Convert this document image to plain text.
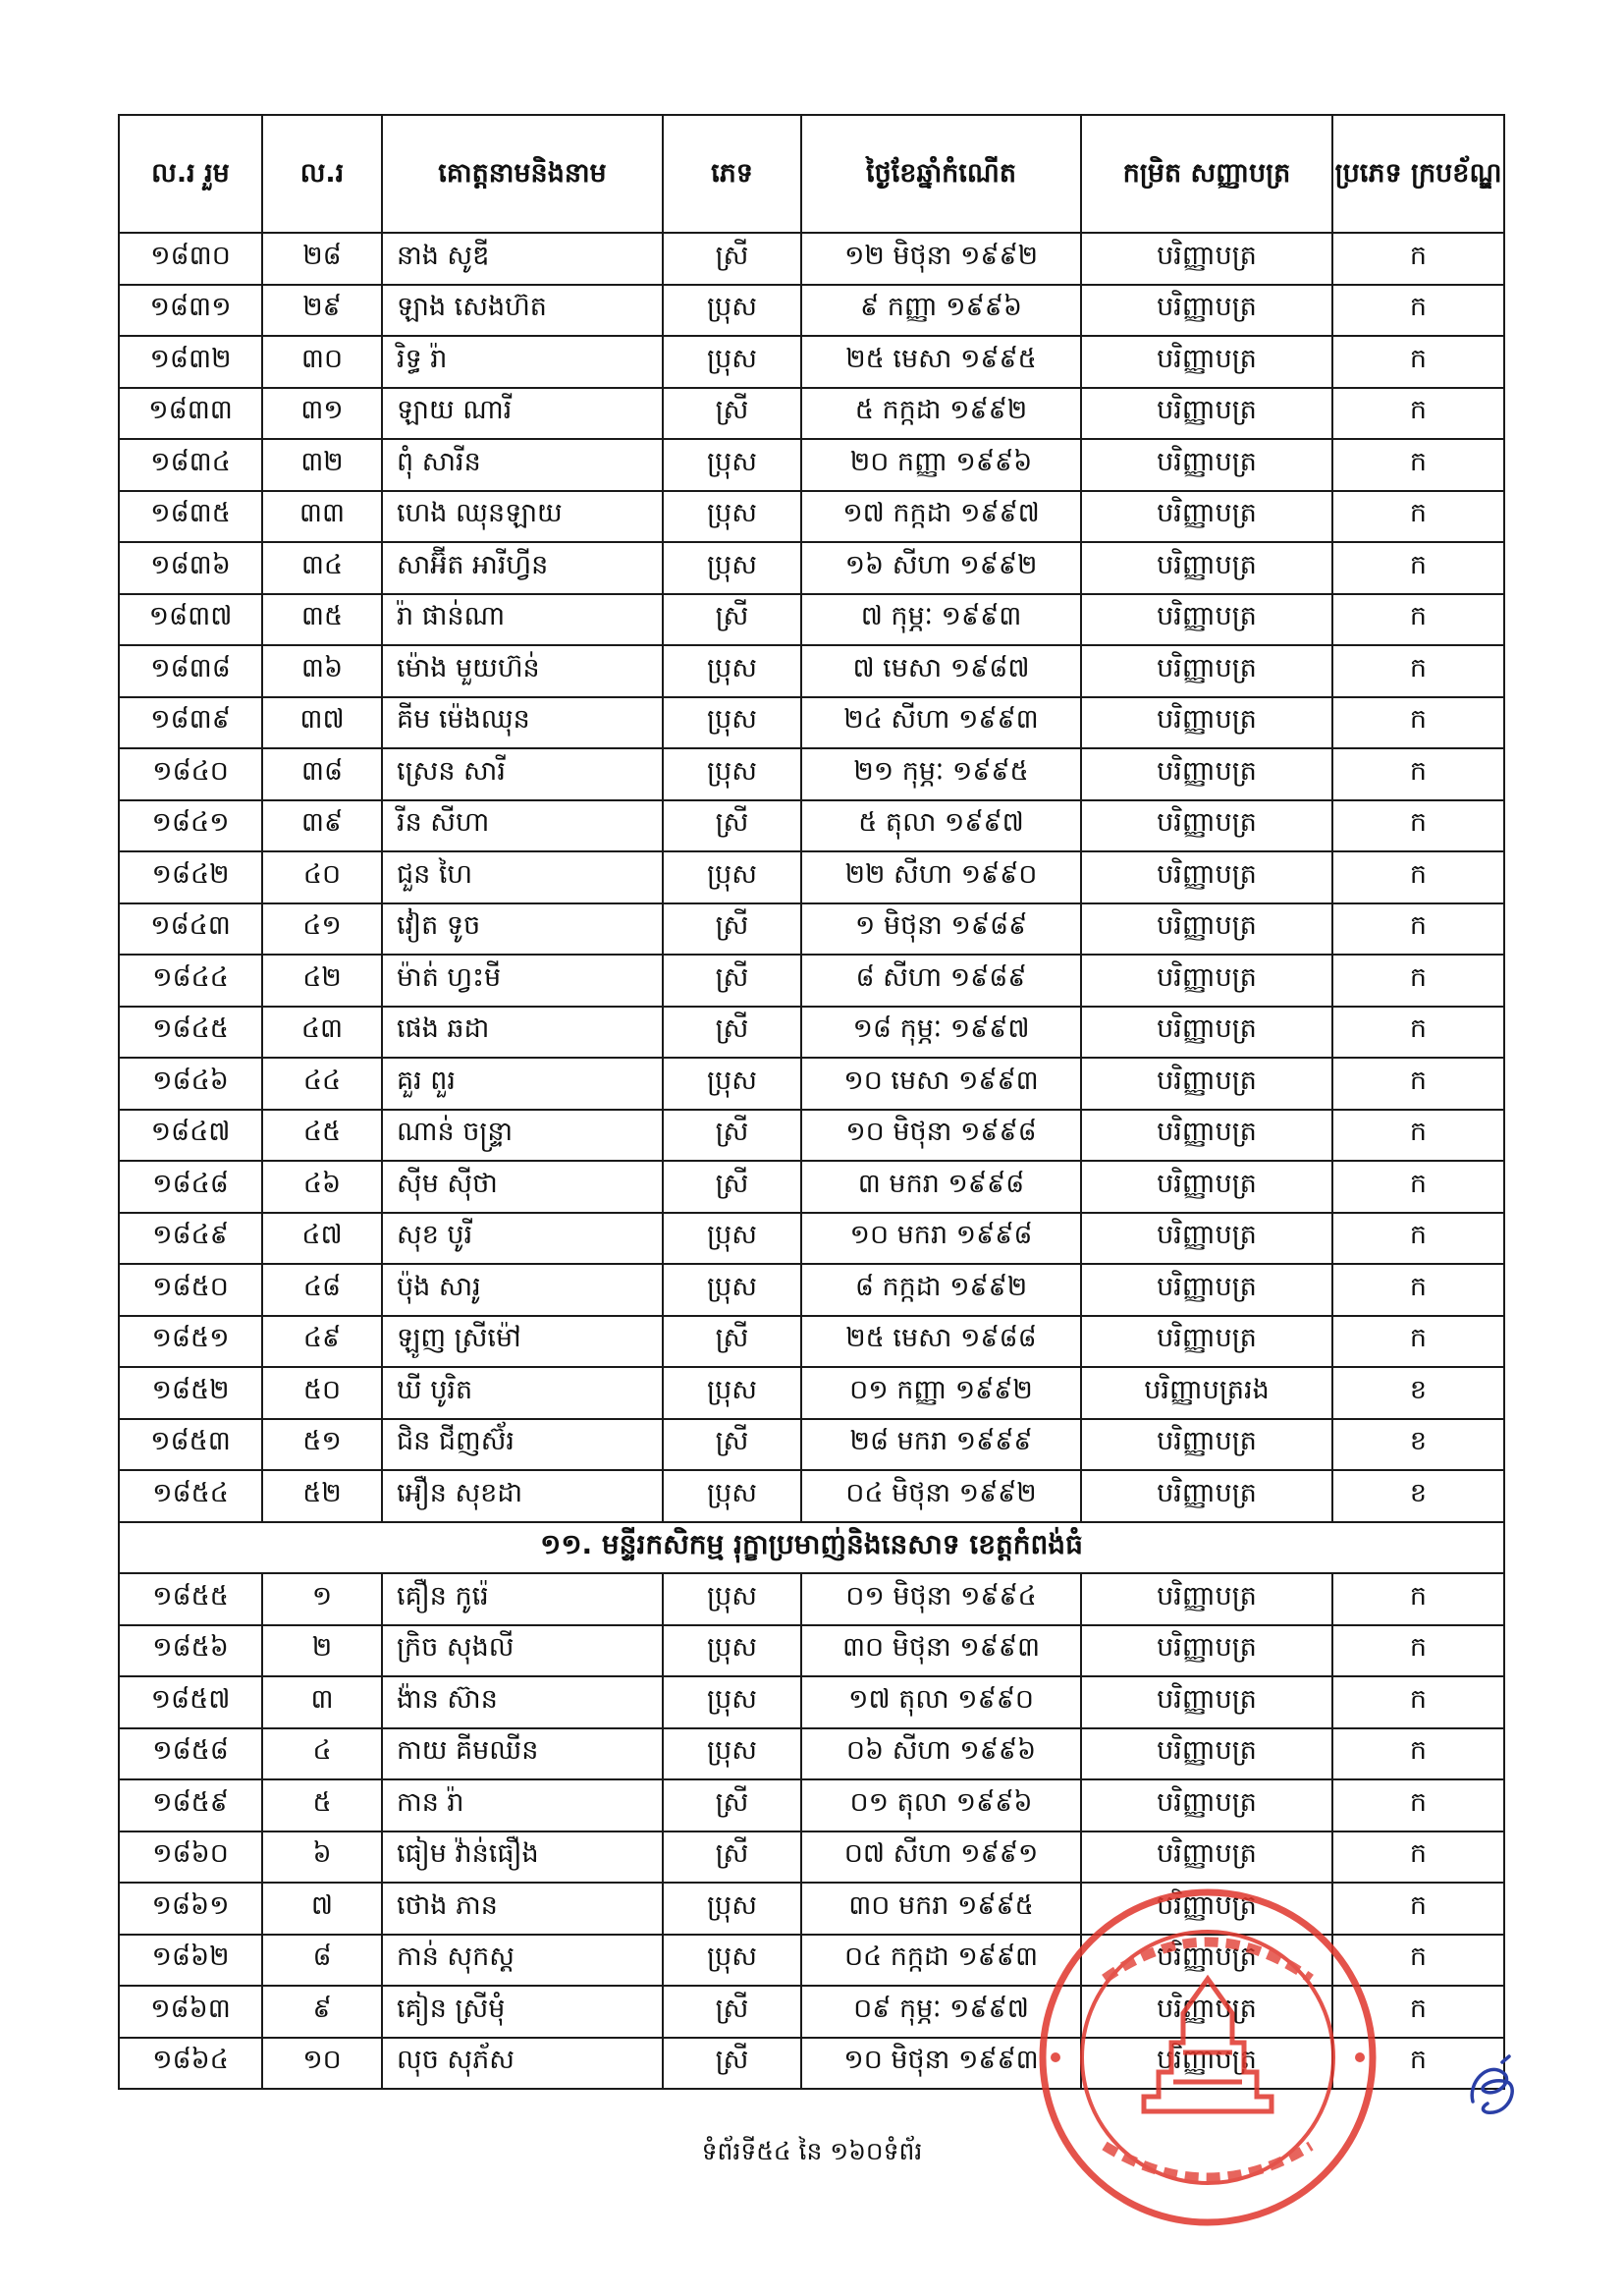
ល.រ រួម	ល.រ	គោត្តនាមនិងនាម	ភេទ	ថ្ងៃខែឆ្នាំកំណើត	កម្រិត សញ្ញាបត្រ	ប្រភេទ ក្របខ័ណ្ឌ
១៨៣០	២៨	នាង សូឌី	ស្រី	១២ មិថុនា ១៩៩២	បរិញ្ញាបត្រ	ក
១៨៣១	២៩	ឡាង សេងហ៊ត	ប្រុស	៩ កញ្ញា ១៩៩៦	បរិញ្ញាបត្រ	ក
១៨៣២	៣០	រិទ្ធ រ៉ា	ប្រុស	២៥ មេសា ១៩៩៥	បរិញ្ញាបត្រ	ក
១៨៣៣	៣១	ឡាយ ណារី	ស្រី	៥ កក្កដា ១៩៩២	បរិញ្ញាបត្រ	ក
១៨៣៤	៣២	ពុំ សារីន	ប្រុស	២០ កញ្ញា ១៩៩៦	បរិញ្ញាបត្រ	ក
១៨៣៥	៣៣	ហេង ឈុនឡាយ	ប្រុស	១៧ កក្កដា ១៩៩៧	បរិញ្ញាបត្រ	ក
១៨៣៦	៣៤	សាអ៊ីត អារីហ្វីន	ប្រុស	១៦ សីហា ១៩៩២	បរិញ្ញាបត្រ	ក
១៨៣៧	៣៥	រ៉ា ផាន់ណា	ស្រី	៧ កុម្ភៈ ១៩៩៣	បរិញ្ញាបត្រ	ក
១៨៣៨	៣៦	ម៉ោង មួយហ៊ន់	ប្រុស	៧ មេសា ១៩៨៧	បរិញ្ញាបត្រ	ក
១៨៣៩	៣៧	គីម ម៉េងឈុន	ប្រុស	២៤ សីហា ១៩៩៣	បរិញ្ញាបត្រ	ក
១៨៤០	៣៨	ស្រេន សារី	ប្រុស	២១ កុម្ភៈ ១៩៩៥	បរិញ្ញាបត្រ	ក
១៨៤១	៣៩	រីន សីហា	ស្រី	៥ តុលា ១៩៩៧	បរិញ្ញាបត្រ	ក
១៨៤២	៤០	ជួន ហៃ	ប្រុស	២២ សីហា ១៩៩០	បរិញ្ញាបត្រ	ក
១៨៤៣	៤១	វៀត ទូច	ស្រី	១ មិថុនា ១៩៨៩	បរិញ្ញាបត្រ	ក
១៨៤៤	៤២	ម៉ាត់ ហ្វះមី	ស្រី	៨ សីហា ១៩៨៩	បរិញ្ញាបត្រ	ក
១៨៤៥	៤៣	ផេង ឆដា	ស្រី	១៨ កុម្ភៈ ១៩៩៧	បរិញ្ញាបត្រ	ក
១៨៤៦	៤៤	គួរ ពួរ	ប្រុស	១០ មេសា ១៩៩៣	បរិញ្ញាបត្រ	ក
១៨៤៧	៤៥	ណាន់ ចន្ទ្រា	ស្រី	១០ មិថុនា ១៩៩៨	បរិញ្ញាបត្រ	ក
១៨៤៨	៤៦	ស៊ីម ស៊ីថា	ស្រី	៣ មករា ១៩៩៨	បរិញ្ញាបត្រ	ក
១៨៤៩	៤៧	សុខ បូរី	ប្រុស	១០ មករា ១៩៩៨	បរិញ្ញាបត្រ	ក
១៨៥០	៤៨	ប៉ុង សារូ	ប្រុស	៨ កក្កដា ១៩៩២	បរិញ្ញាបត្រ	ក
១៨៥១	៤៩	ឡូញ ស្រីម៉ៅ	ស្រី	២៥ មេសា ១៩៨៨	បរិញ្ញាបត្រ	ក
១៨៥២	៥០	ឃី បូរិត	ប្រុស	០១ កញ្ញា ១៩៩២	បរិញ្ញាបត្ររង	ខ
១៨៥៣	៥១	ជិន ជីញស៊័រ	ស្រី	២៨ មករា ១៩៩៩	បរិញ្ញាបត្រ	ខ
១៨៥៤	៥២	អឿន សុខដា	ប្រុស	០៤ មិថុនា ១៩៩២	បរិញ្ញាបត្រ	ខ
១១. មន្ទីរកសិកម្ម រុក្ខាប្រមាញ់និងនេសាទ ខេត្តកំពង់ធំ						
១៨៥៥	១	គឿន កូរ៉េ	ប្រុស	០១ មិថុនា ១៩៩៤	បរិញ្ញាបត្រ	ក
១៨៥៦	២	ក្រិច សុងលី	ប្រុស	៣០ មិថុនា ១៩៩៣	បរិញ្ញាបត្រ	ក
១៨៥៧	៣	ង៉ាន ស៊ាន	ប្រុស	១៧ តុលា ១៩៩០	បរិញ្ញាបត្រ	ក
១៨៥៨	៤	កាយ គីមឈីន	ប្រុស	០៦ សីហា ១៩៩៦	បរិញ្ញាបត្រ	ក
១៨៥៩	៥	កាន រ៉ា	ស្រី	០១ តុលា ១៩៩៦	បរិញ្ញាបត្រ	ក
១៨៦០	៦	ធៀម វ៉ាន់ធឿង	ស្រី	០៧ សីហា ១៩៩១	បរិញ្ញាបត្រ	ក
១៨៦១	៧	ថោង ភាន	ប្រុស	៣០ មករា ១៩៩៥	បរិញ្ញាបត្រ	ក
១៨៦២	៨	កាន់ សុកស្ត	ប្រុស	០៤ កក្កដា ១៩៩៣	បរិញ្ញាបត្រ	ក
១៨៦៣	៩	គៀន ស្រីមុំ	ស្រី	០៩ កុម្ភៈ ១៩៩៧	បរិញ្ញាបត្រ	ក
១៨៦៤	១០	លុច សុភ័ស	ស្រី	១០ មិថុនា ១៩៩៣	បរិញ្ញាបត្រ	ក
ទំព័រទី៥៤ នៃ ១៦០ទំព័រ
